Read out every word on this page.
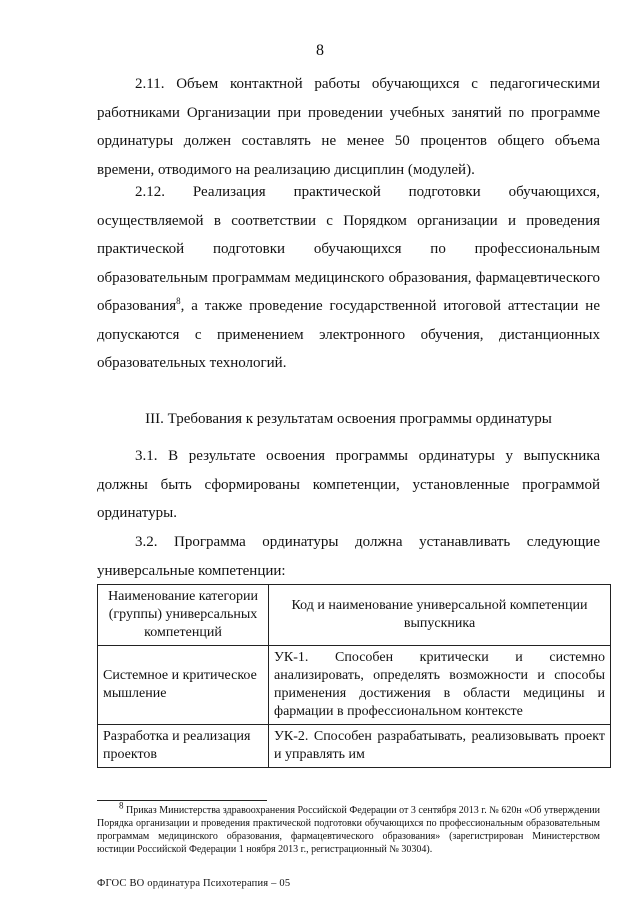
8

2.11. Объем контактной работы обучающихся с педагогическими работниками Организации при проведении учебных занятий по программе ординатуры должен составлять не менее 50 процентов общего объема времени, отводимого на реализацию дисциплин (модулей).

2.12. Реализация практической подготовки обучающихся, осуществляемой в соответствии с Порядком организации и проведения практической подготовки обучающихся по профессиональным образовательным программам медицинского образования, фармацевтического образования$^8$, а также проведение государственной итоговой аттестации не допускаются с применением электронного обучения, дистанционных образовательных технологий.

III. Требования к результатам освоения программы ординатуры

3.1. В результате освоения программы ординатуры у выпускника должны быть сформированы компетенции, установленные программой ординатуры.

3.2. Программа ординатуры должна устанавливать следующие универсальные компетенции:

Наименование категории (группы) универсальных компетенций	Код и наименование универсальной компетенции выпускника
Системное и критическое мышление	УК-1. Способен критически и системно анализировать, определять возможности и способы применения достижения в области медицины и фармации в профессиональном контексте
Разработка и реализация проектов	УК-2. Способен разрабатывать, реализовывать проект и управлять им
$^8$ Приказ Министерства здравоохранения Российской Федерации от 3 сентября 2013 г. № 620н «Об утверждении Порядка организации и проведения практической подготовки обучающихся по профессиональным образовательным программам медицинского образования, фармацевтического образования» (зарегистрирован Министерством юстиции Российской Федерации 1 ноября 2013 г., регистрационный № 30304).
ФГОС ВО ординатура Психотерапия – 05
